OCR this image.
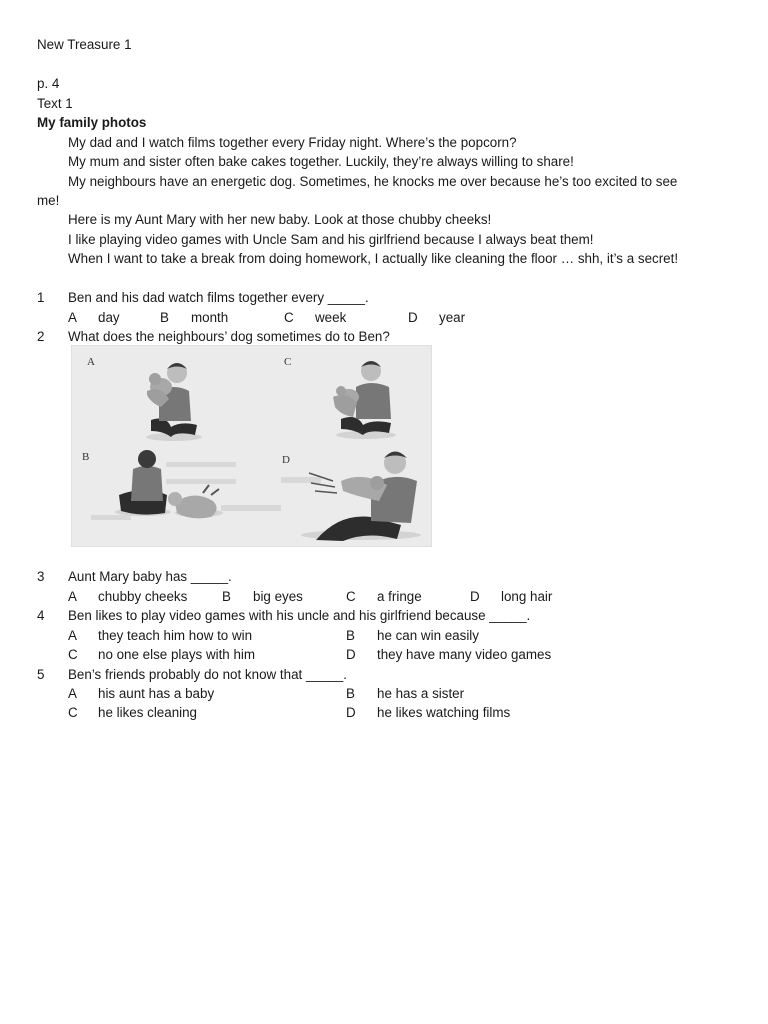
New Treasure 1
p. 4
Text 1
My family photos
My dad and I watch films together every Friday night. Where’s the popcorn?
My mum and sister often bake cakes together. Luckily, they’re always willing to share!
My neighbours have an energetic dog. Sometimes, he knocks me over because he’s too excited to see
me!
Here is my Aunt Mary with her new baby. Look at those chubby cheeks!
I like playing video games with Uncle Sam and his girlfriend because I always beat them!
When I want to take a break from doing homework, I actually like cleaning the floor … shh, it’s a secret!
1 Ben and his dad watch films together every _____.
A day	B month	C week	D year
2 What does the neighbours’ dog sometimes do to Ben?
A	C
B	D
3 Aunt Mary baby has _____.
A chubby cheeks	B big eyes	C a fringe	D long hair
4 Ben likes to play video games with his uncle and his girlfriend because _____.
A they teach him how to win	B he can win easily
C no one else plays with him	D they have many video games
5 Ben’s friends probably do not know that _____.
A his aunt has a baby	B he has a sister
C he likes cleaning	D he likes watching films
